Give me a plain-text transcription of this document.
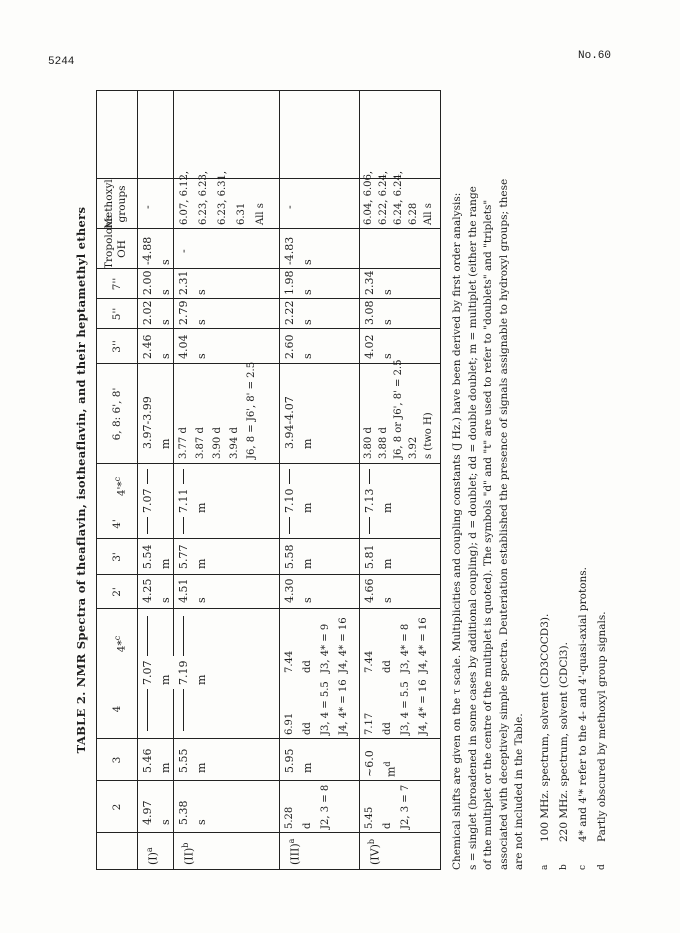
5244	No.60
TABLE 2. NMR Spectra of theaflavin, isotheaflavin, and their heptamethyl ethers
2
3
4
4*$^c$
2'
3'
4'
4'*$^c$
6, 8: 6', 8'
3''
5''
7''
Tropolone OH
Methoxyl groups
$(I)^a$
4.97
s
5.46
m
7.07
m
4.25
s
5.54
m
7.07
3.97-3.99
m
2.46
s
2.02
s
2.00
s
-4.88
s
-
(II)$^b$
5.38
s
5.55
m
7.19
m
4.51
s
5.77
m
7.11
m
3.77 d
3.87 d
3.90 d
3.94 d
J6, 8 = J6', 8' = 2.5
4.04
s
2.79
s
2.31
s
-
6.07, 6.12,
6.23, 6.23,
6.23, 6.31,
6.31
All s
(III)$^a$
5.28
d
J2, 3 = 8
5.95
m
6.91
dd
J3, 4 = 5.5
J4, 4* = 16
7.44
dd
J3, 4* = 9
J4, 4* = 16
4.30
s
5.58
m
7.10
m
3.94-4.07
m
2.60
s
2.22
s
1.98
s
-4.83
s
-
(IV)$^b$
5.45
d
J2, 3 = 7
~6.0
$m^d$
7.17
dd
J3, 4 = 5.5
J4, 4* = 16
7.44
dd
J3, 4* = 8
J4, 4* = 16
4.66
s
5.81
m
7.13
m
3.80 d
3.88 d
J6, 8 or J6', 8' = 2.5
3.92
s (two H)
4.02
s
3.08
s
2.34
s
6.04, 6.06,
6.22, 6.24,
6.24, 6.24,
6.28
All s
Chemical shifts are given on the τ scale. Multiplicities and coupling constants (J Hz.) have been derived by first order analysis:
s = singlet (broadened in some cases by additional coupling); d = doublet; dd = double doublet; m = multiplet (either the range
of the multiplet or the centre of the multiplet is quoted). The symbols "d" and "t" are used to refer to "doublets" and "triplets"
associated with deceptively simple spectra. Deuteriation established the presence of signals assignable to hydroxyl groups; these
are not included in the Table.
a
100 MHz. spectrum, solvent (CD3COCD3).
b
220 MHz. spectrum, solvent (CDCl3).
c
4* and 4'* refer to the 4- and 4'-quasi-axial protons.
d
Partly obscured by methoxyl group signals.
